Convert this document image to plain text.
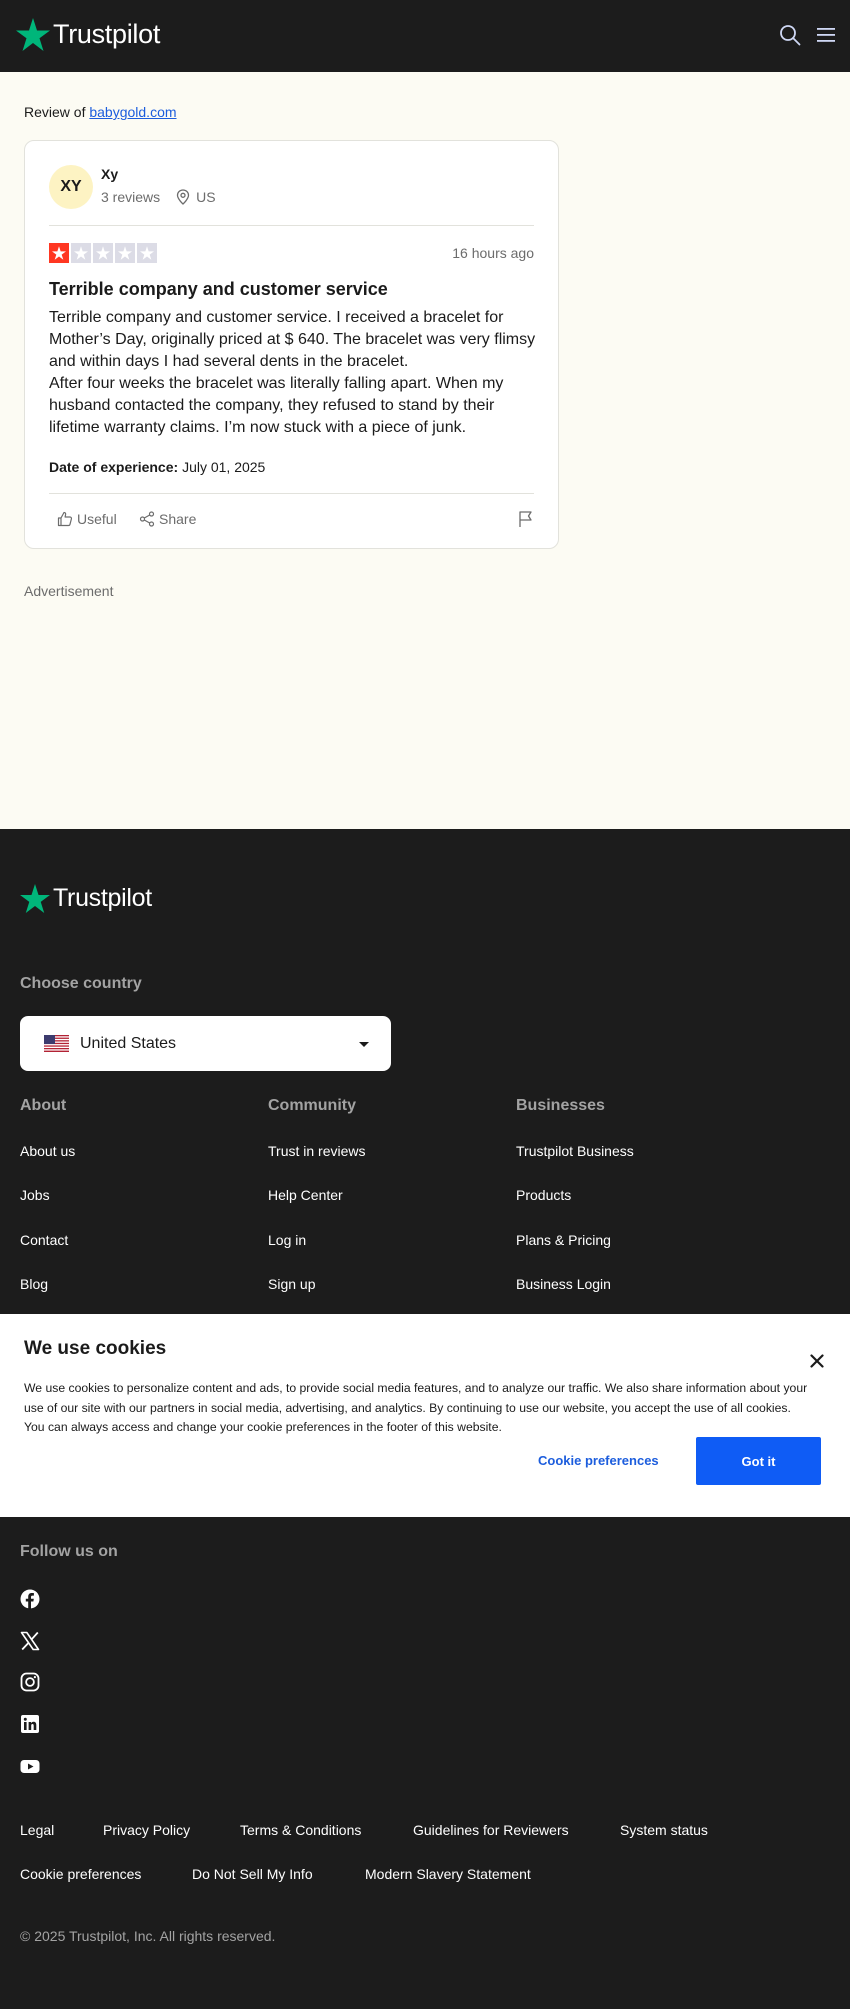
Trustpilot
Review of babygold.com
XY
Xy
3 reviews	US
16 hours ago
Terrible company and customer service

Terrible company and customer service. I received a bracelet for Mother’s Day, originally priced at $ 640. The bracelet was very flimsy and within days I had several dents in the bracelet.

After four weeks the bracelet was literally falling apart. When my husband contacted the company, they refused to stand by their lifetime warranty claims. I’m now stuck with a piece of junk.

Date of experience: July 01, 2025
Useful	Share
Advertisement
Trustpilot
Choose country
United States
About	Community	Businesses
About us
Jobs
Contact
Blog
Trust in reviews
Help Center
Log in
Sign up
Trustpilot Business
Products
Plans & Pricing
Business Login
Follow us on
Legal	Privacy Policy	Terms & Conditions	Guidelines for Reviewers	System status
Cookie preferences	Do Not Sell My Info	Modern Slavery Statement
© 2025 Trustpilot, Inc. All rights reserved.
We use cookies

We use cookies to personalize content and ads, to provide social media features, and to analyze our traffic. We also share information about your use of our site with our partners in social media, advertising, and analytics. By continuing to use our website, you accept the use of all cookies. You can always access and change your cookie preferences in the footer of this website.

Cookie preferences	Got it
